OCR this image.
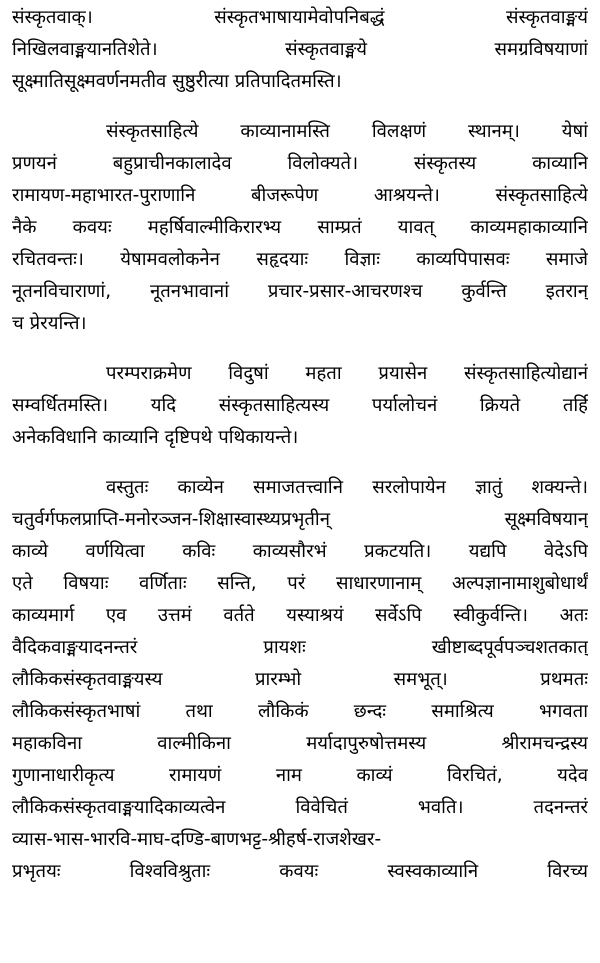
संस्कृतवाक्। संस्कृतभाषायामेवोपनिबद्धं संस्कृतवाङ्मयं
निखिलवाङ्मयानतिशेते। संस्कृतवाङ्मये समग्रविषयाणां
सूक्ष्मातिसूक्ष्मवर्णनमतीव सुष्ठुरीत्या प्रतिपादितमस्ति।
संस्कृतसाहित्ये काव्यानामस्ति विलक्षणं स्थानम्। येषां
प्रणयनं बहुप्राचीनकालादेव विलोक्यते। संस्कृतस्य काव्यानि
रामायण-महाभारत-पुराणानि बीजरूपेण आश्रयन्ते। संस्कृतसाहित्ये
नैके कवयः महर्षिवाल्मीकिरारभ्य साम्प्रतं यावत् काव्यमहाकाव्यानि
रचितवन्तः। येषामवलोकनेन सहृदयाः विज्ञाः काव्यपिपासवः समाजे
नूतनविचाराणां, नूतनभावानां प्रचार-प्रसार-आचरणश्च कुर्वन्ति इतरान्
च प्रेरयन्ति।
परम्पराक्रमेण विदुषां महता प्रयासेन संस्कृतसाहित्योद्यानं
सम्वर्धितमस्ति। यदि संस्कृतसाहित्यस्य पर्यालोचनं क्रियते तर्हि
अनेकविधानि काव्यानि दृष्टिपथे पथिकायन्ते।
वस्तुतः काव्येन समाजतत्त्वानि सरलोपायेन ज्ञातुं शक्यन्ते।
चतुर्वर्गफलप्राप्ति-मनोरञ्जन-शिक्षास्वास्थ्यप्रभृतीन् सूक्ष्मविषयान्
काव्ये वर्णयित्वा कविः काव्यसौरभं प्रकटयति। यद्यपि वेदेऽपि
एते विषयाः वर्णिताः सन्ति, परं साधारणानाम् अल्पज्ञानामाशुबोधार्थं
काव्यमार्ग एव उत्तमं वर्तते यस्याश्रयं सर्वेऽपि स्वीकुर्वन्ति। अतः
वैदिकवाङ्मयादनन्तरं प्रायशः खीष्टाब्दपूर्वपञ्चशतकात्
लौकिकसंस्कृतवाङ्मयस्य प्रारम्भो समभूत्। प्रथमतः
लौकिकसंस्कृतभाषां तथा लौकिकं छन्दः समाश्रित्य भगवता
महाकविना वाल्मीकिना मर्यादापुरुषोत्तमस्य श्रीरामचन्द्रस्य
गुणानाधारीकृत्य रामायणं नाम काव्यं विरचितं, यदेव
लौकिकसंस्कृतवाङ्मयादिकाव्यत्वेन विवेचितं भवति। तदनन्तरं
व्यास-भास-भारवि-माघ-दण्डि-बाणभट्ट-श्रीहर्ष-राजशेखर-
प्रभृतयः विश्वविश्रुताः कवयः स्वस्वकाव्यानि विरच्य
